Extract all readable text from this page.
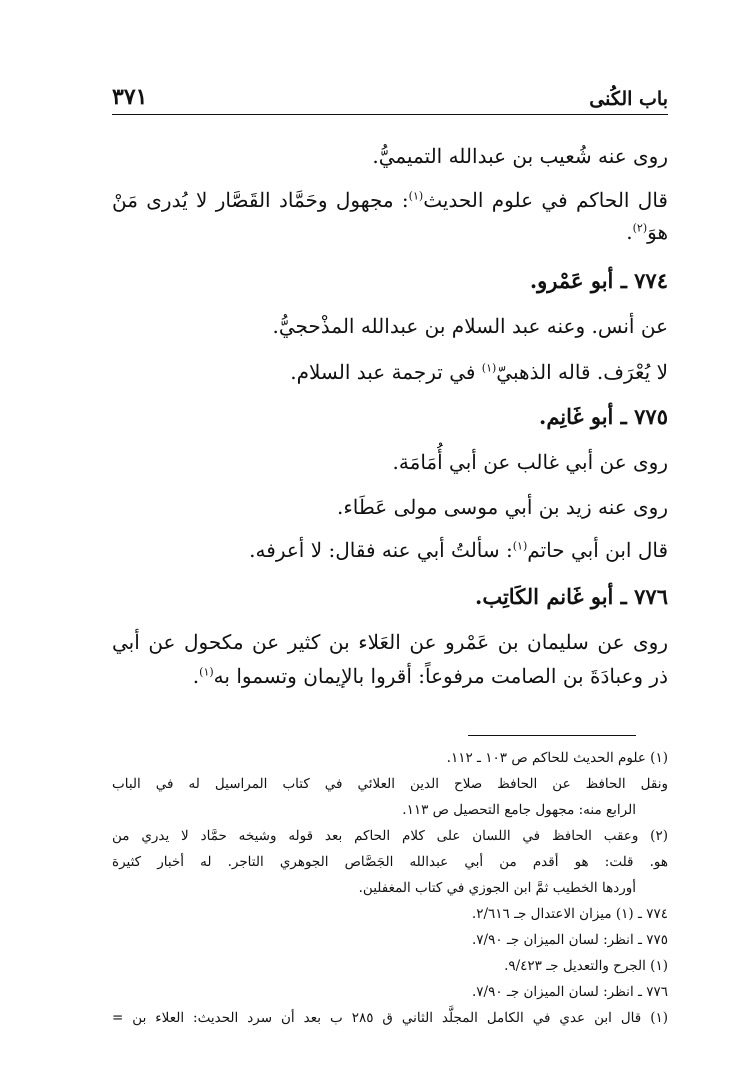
٣٧١	باب الكُنى
روى عنه شُعيب بن عبدالله التميميُّ.
قال الحاكم في علوم الحديث$^{(١)}$: مجهول وحَمَّاد القَصَّار لا يُدرى مَنْ
هوَ$^{(٢)}$.
٧٧٤ ـ أبو عَمْرو.
عن أنس. وعنه عبد السلام بن عبدالله المذْحجيُّ.
لا يُعْرَف. قاله الذهبيّ$^{(١)}$ في ترجمة عبد السلام.
٧٧٥ ـ أبو غَانِم.
روى عن أبي غالب عن أبي أُمَامَة.
روى عنه زيد بن أبي موسى مولى عَطَاء.
قال ابن أبي حاتم$^{(١)}$: سألتُ أبي عنه فقال: لا أعرفه.
٧٧٦ ـ أبو غَانم الكَاتِب.
روى عن سليمان بن عَمْرو عن العَلاء بن كثير عن مكحول عن أبي
ذر وعبادَةَ بن الصامت مرفوعاً: أقروا بالإيمان وتسموا به$^{(١)}$.
(١) علوم الحديث للحاكم ص ١٠٣ ـ ١١٢.
ونقل الحافظ عن الحافظ صلاح الدين العلائي في كتاب المراسيل له في الباب
الرابع منه: مجهول جامع التحصيل ص ١١٣.
(٢) وعقب الحافظ في اللسان على كلام الحاكم بعد قوله وشيخه حمَّاد لا يدري من
هو. قلت: هو أقدم من أبي عبدالله الجَصَّاص الجوهري التاجر. له أخبار كثيرة
أوردها الخطيب ثمَّ ابن الجوزي في كتاب المغفلين.
٧٧٤ ـ (١) ميزان الاعتدال جـ ٢/٦١٦.
٧٧٥ ـ انظر: لسان الميزان جـ ٧/٩٠.
(١) الجرح والتعديل جـ ٩/٤٢٣.
٧٧٦ ـ انظر: لسان الميزان جـ ٧/٩٠.
(١) قال ابن عدي في الكامل المجلَّد الثاني ق ٢٨٥ ب بعد أن سرد الحديث: العلاء بن =
